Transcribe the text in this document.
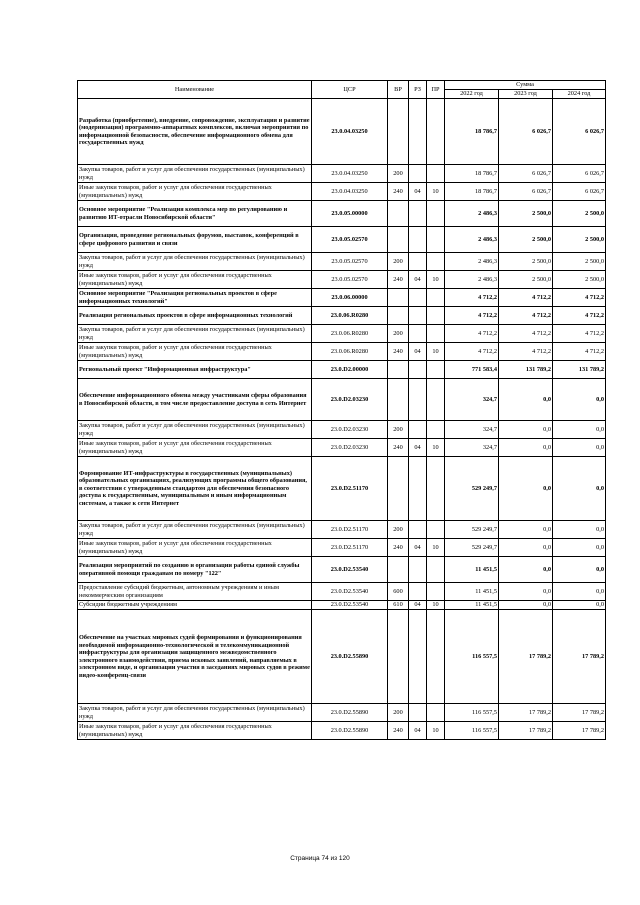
Наименование	ЦСР	ВР	РЗ	ПР	Сумма		
					2022 год	2023 год	2024 год
Разработка (приобретение), внедрение, сопровождение, эксплуатация и развитие (модернизация) программно-аппаратных комплексов, включая мероприятия по информационной безопасности, обеспечение информационного обмена для государственных нужд	23.0.04.03250				18 786,7	6 026,7	6 026,7
Закупка товаров, работ и услуг для обеспечения государственных (муниципальных) нужд	23.0.04.03250	200			18 786,7	6 026,7	6 026,7
Иные закупки товаров, работ и услуг для обеспечения государственных (муниципальных) нужд	23.0.04.03250	240	04	10	18 786,7	6 026,7	6 026,7
Основное мероприятие "Реализация комплекса мер по регулированию и развитию ИТ-отрасли Новосибирской области"	23.0.05.00000				2 486,3	2 500,0	2 500,0
Организация, проведение региональных форумов, выставок, конференций в сфере цифрового развития и связи	23.0.05.02570				2 486,3	2 500,0	2 500,0
Закупка товаров, работ и услуг для обеспечения государственных (муниципальных) нужд	23.0.05.02570	200			2 486,3	2 500,0	2 500,0
Иные закупки товаров, работ и услуг для обеспечения государственных (муниципальных) нужд	23.0.05.02570	240	04	10	2 486,3	2 500,0	2 500,0
Основное мероприятие "Реализация региональных проектов в сфере информационных технологий"	23.0.06.00000				4 712,2	4 712,2	4 712,2
Реализация региональных проектов в сфере информационных технологий	23.0.06.R0280				4 712,2	4 712,2	4 712,2
Закупка товаров, работ и услуг для обеспечения государственных (муниципальных) нужд	23.0.06.R0280	200			4 712,2	4 712,2	4 712,2
Иные закупки товаров, работ и услуг для обеспечения государственных (муниципальных) нужд	23.0.06.R0280	240	04	10	4 712,2	4 712,2	4 712,2
Региональный проект "Информационная инфраструктура"	23.0.D2.00000				771 583,4	131 789,2	131 789,2
Обеспечение информационного обмена между участниками сферы образования в Новосибирской области, в том числе предоставление доступа в сеть Интернет	23.0.D2.03230				324,7	0,0	0,0
Закупка товаров, работ и услуг для обеспечения государственных (муниципальных) нужд	23.0.D2.03230	200			324,7	0,0	0,0
Иные закупки товаров, работ и услуг для обеспечения государственных (муниципальных) нужд	23.0.D2.03230	240	04	10	324,7	0,0	0,0
Формирование ИТ-инфраструктуры в государственных (муниципальных) образовательных организациях, реализующих программы общего образования, в соответствии с утвержденным стандартом для обеспечения безопасного доступа к государственным, муниципальным и иным информационным системам, а также к сети Интернет	23.0.D2.51170				529 249,7	0,0	0,0
Закупка товаров, работ и услуг для обеспечения государственных (муниципальных) нужд	23.0.D2.51170	200			529 249,7	0,0	0,0
Иные закупки товаров, работ и услуг для обеспечения государственных (муниципальных) нужд	23.0.D2.51170	240	04	10	529 249,7	0,0	0,0
Реализация мероприятий по созданию и организации работы единой службы оперативной помощи гражданам по номеру "122"	23.0.D2.53540				11 451,5	0,0	0,0
Предоставление субсидий бюджетным, автономным учреждениям и иным некоммерческим организациям	23.0.D2.53540	600			11 451,5	0,0	0,0
Субсидии бюджетным учреждениям	23.0.D2.53540	610	04	10	11 451,5	0,0	0,0
Обеспечение на участках мировых судей формирования и функционирования необходимой информационно-технологической и телекоммуникационной инфраструктуры для организации защищенного межведомственного электронного взаимодействия, приема исковых заявлений, направляемых в электронном виде, и организации участия в заседаниях мировых судов в режиме видео-конференц-связи	23.0.D2.55890				116 557,5	17 789,2	17 789,2
Закупка товаров, работ и услуг для обеспечения государственных (муниципальных) нужд	23.0.D2.55890	200			116 557,5	17 789,2	17 789,2
Иные закупки товаров, работ и услуг для обеспечения государственных (муниципальных) нужд	23.0.D2.55890	240	04	10	116 557,5	17 789,2	17 789,2
Страница 74 из 120
